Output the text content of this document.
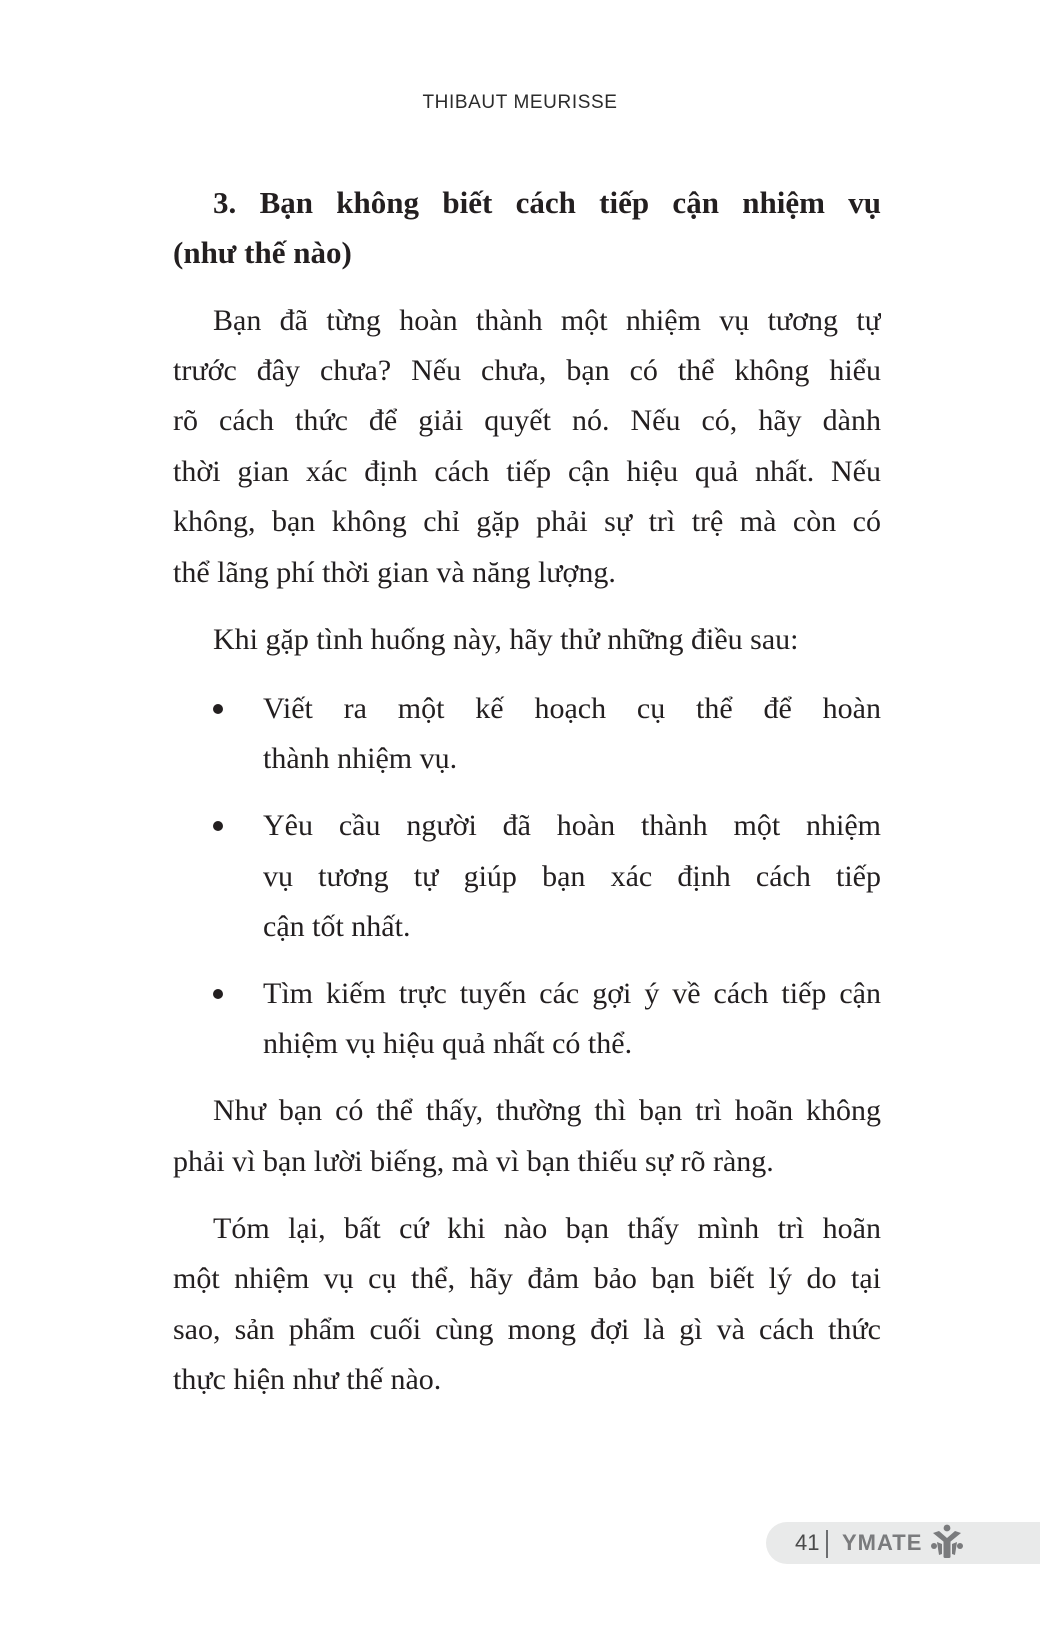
THIBAUT MEURISSE
3. Bạn không biết cách tiếp cận nhiệm vụ
(như thế nào)
Bạn đã từng hoàn thành một nhiệm vụ tương tự
trước đây chưa? Nếu chưa, bạn có thể không hiểu
rõ cách thức để giải quyết nó. Nếu có, hãy dành
thời gian xác định cách tiếp cận hiệu quả nhất. Nếu
không, bạn không chỉ gặp phải sự trì trệ mà còn có
thể lãng phí thời gian và năng lượng.
Khi gặp tình huống này, hãy thử những điều sau:
Viết ra một kế hoạch cụ thể để hoàn
thành nhiệm vụ.
Yêu cầu người đã hoàn thành một nhiệm
vụ tương tự giúp bạn xác định cách tiếp
cận tốt nhất.
Tìm kiếm trực tuyến các gợi ý về cách tiếp cận
nhiệm vụ hiệu quả nhất có thể.
Như bạn có thể thấy, thường thì bạn trì hoãn không
phải vì bạn lười biếng, mà vì bạn thiếu sự rõ ràng.
Tóm lại, bất cứ khi nào bạn thấy mình trì hoãn
một nhiệm vụ cụ thể, hãy đảm bảo bạn biết lý do tại
sao, sản phẩm cuối cùng mong đợi là gì và cách thức
thực hiện như thế nào.
41 YMATE
